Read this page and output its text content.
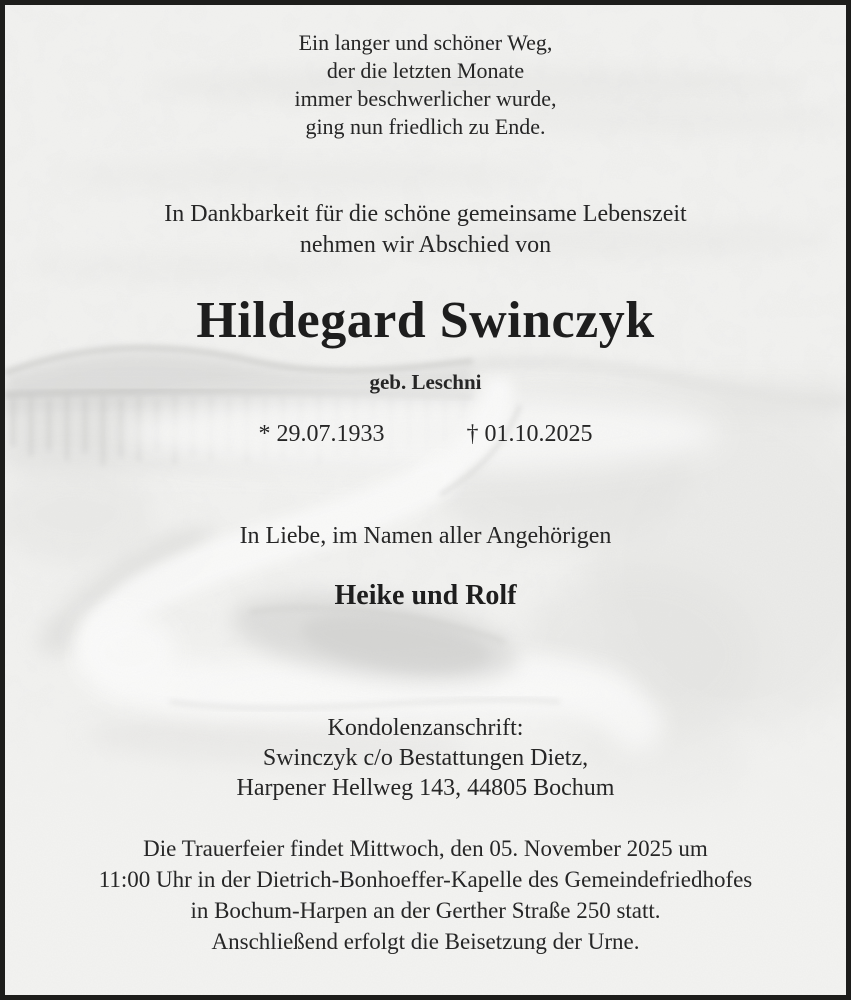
Ein langer und schöner Weg,
der die letzten Monate
immer beschwerlicher wurde,
ging nun friedlich zu Ende.
In Dankbarkeit für die schöne gemeinsame Lebenszeit
nehmen wir Abschied von
Hildegard Swinczyk
geb. Leschni
* 29.07.1933	† 01.10.2025
In Liebe, im Namen aller Angehörigen
Heike und Rolf
Kondolenzanschrift:
Swinczyk c/o Bestattungen Dietz,
Harpener Hellweg 143, 44805 Bochum
Die Trauerfeier findet Mittwoch, den 05. November 2025 um
11:00 Uhr in der Dietrich-Bonhoeffer-Kapelle des Gemeindefriedhofes
in Bochum-Harpen an der Gerther Straße 250 statt.
Anschließend erfolgt die Beisetzung der Urne.
